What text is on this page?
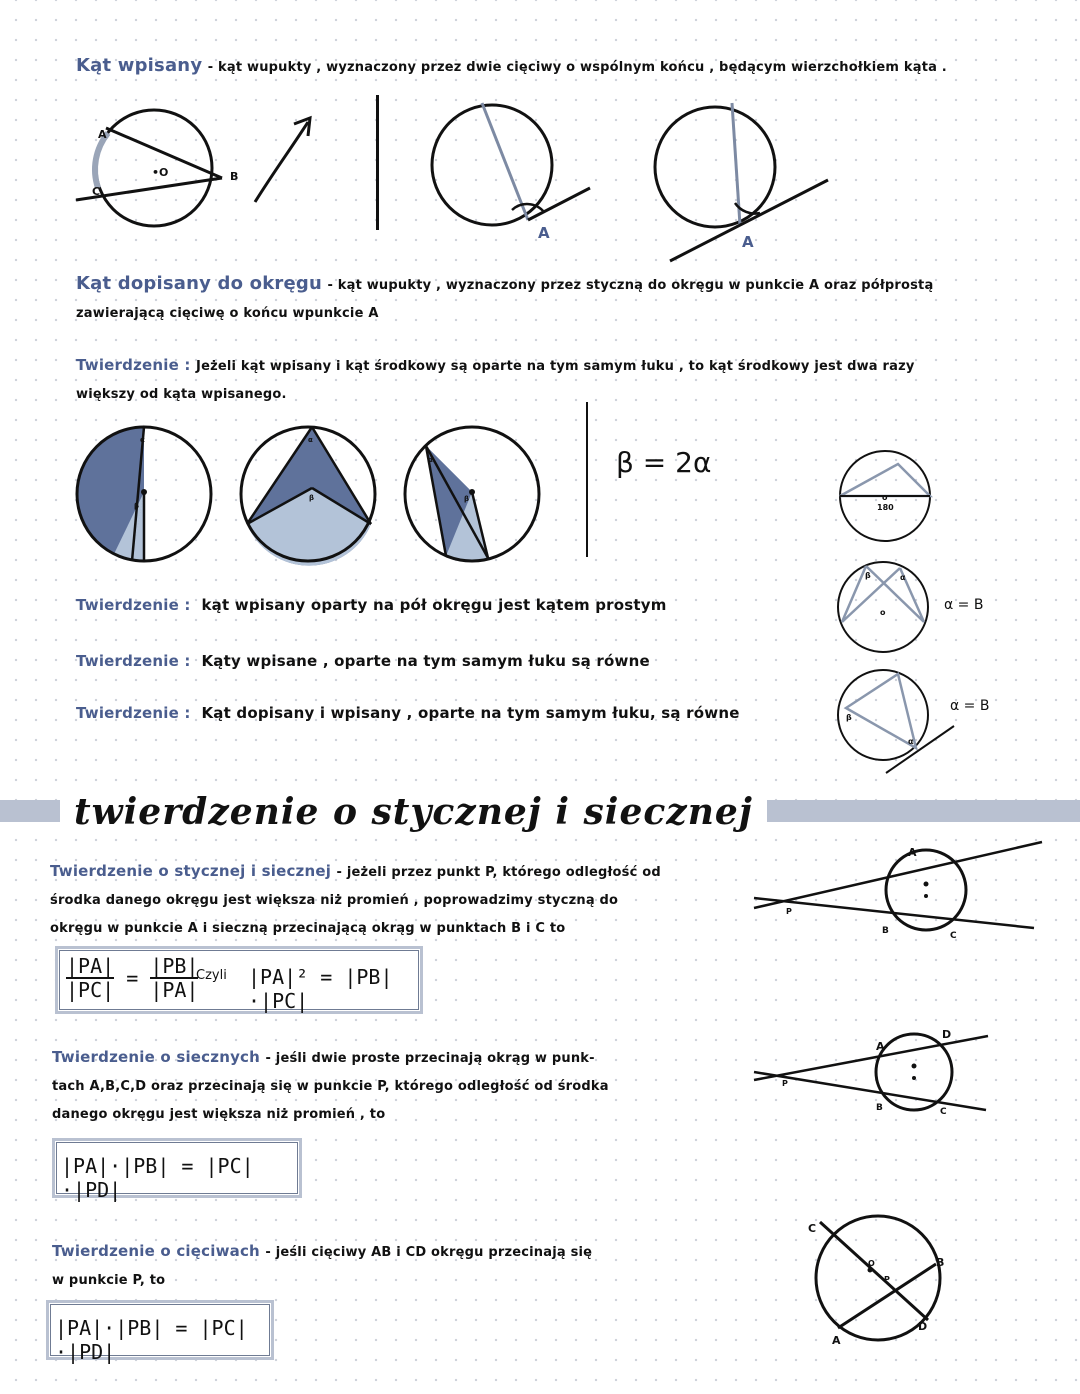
Kąt wpisany - kąt wupukty , wyznaczony przez dwie cięciwy o wspólnym końcu , będącym wierzchołkiem kąta .
A
B
C
•O
A	A
Kąt dopisany do okręgu - kąt wupukty , wyznaczony przez styczną do okręgu w punkcie A oraz półprostą
zawierającą cięciwę o końcu wpunkcie A
Twierdzenie : Jeżeli kąt wpisany i kąt środkowy są oparte na tym samym łuku , to kąt środkowy jest dwa razy
większy od kąta wpisanego.
α
β
α
β
α
β
β = 2α
o
180
β	α
o	α = B
β
α
α = B
Twierdzenie : kąt wpisany oparty na pół okręgu jest kątem prostym
Twierdzenie : Kąty wpisane , oparte na tym samym łuku są równe
Twierdzenie : Kąt dopisany i wpisany , oparte na tym samym łuku, są równe
twierdzenie o stycznej i siecznej
Twierdzenie o stycznej i siecznej - jeżeli przez punkt P, którego odległość od
środka danego okręgu jest większa niż promień , poprowadzimy styczną do
okręgu w punkcie A i sieczną przecinającą okrąg w punktach B i C to
$\frac{|PA|}{|PC|} = \frac{|PB|}{|PA|}$
Czyli |PA|² = |PB|·|PC|
P
A
B	C
Twierdzenie o siecznych - jeśli dwie proste przecinają okrąg w punk-
tach A,B,C,D oraz przecinają się w punkcie P, którego odległość od środka
danego okręgu jest większa niż promień , to
|PA|·|PB| = |PC|·|PD|
P
A
B	C
D
Twierdzenie o cięciwach - jeśli cięciwy AB i CD okręgu przecinają się
w punkcie P, to
|PA|·|PB| = |PC|·|PD|
O
P
C
B
A
D
